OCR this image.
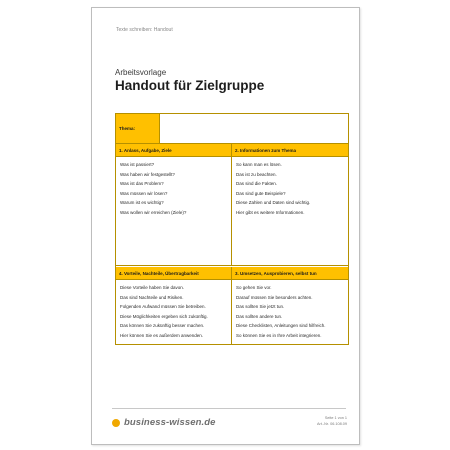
Texte schreiben: Handout
Arbeitsvorlage
Handout für Zielgruppe
Thema:
1. Anlass, Aufgabe, Ziele
Was ist passiert?
Was haben wir festgestellt?
Was ist das Problem?
Was müssen wir lösen?
Warum ist es wichtig?
Was wollen wir erreichen (Ziele)?
2. Informationen zum Thema
So kann man es lösen.
Das ist zu beachten.
Das sind die Fakten.
Das sind gute Beispiele?
Diese Zahlen und Daten sind wichtig.
Hier gibt es weitere Informationen.
4. Vorteile, Nachteile, Übertragbarkeit
Diese Vorteile haben Sie davon.
Das sind Nachteile und Risiken.
Folgenden Aufwand müssen Sie betreiben.
Diese Möglichkeiten ergeben sich zukünftig.
Das können Sie zukünftig besser machen.
Hier können Sie es außerdem anwenden.
3. Umsetzen, Ausprobieren, selbst tun
So gehen Sie vor.
Darauf müssen Sie besonders achten.
Das sollten Sie jetzt tun.
Das sollten andere tun.
Diese Checklisten, Anleitungen sind hilfreich.
So können Sie es in Ihre Arbeit integrieren.
business-wissen.de	Seite 1 von 1
Art.-Nr. 06.108.09
